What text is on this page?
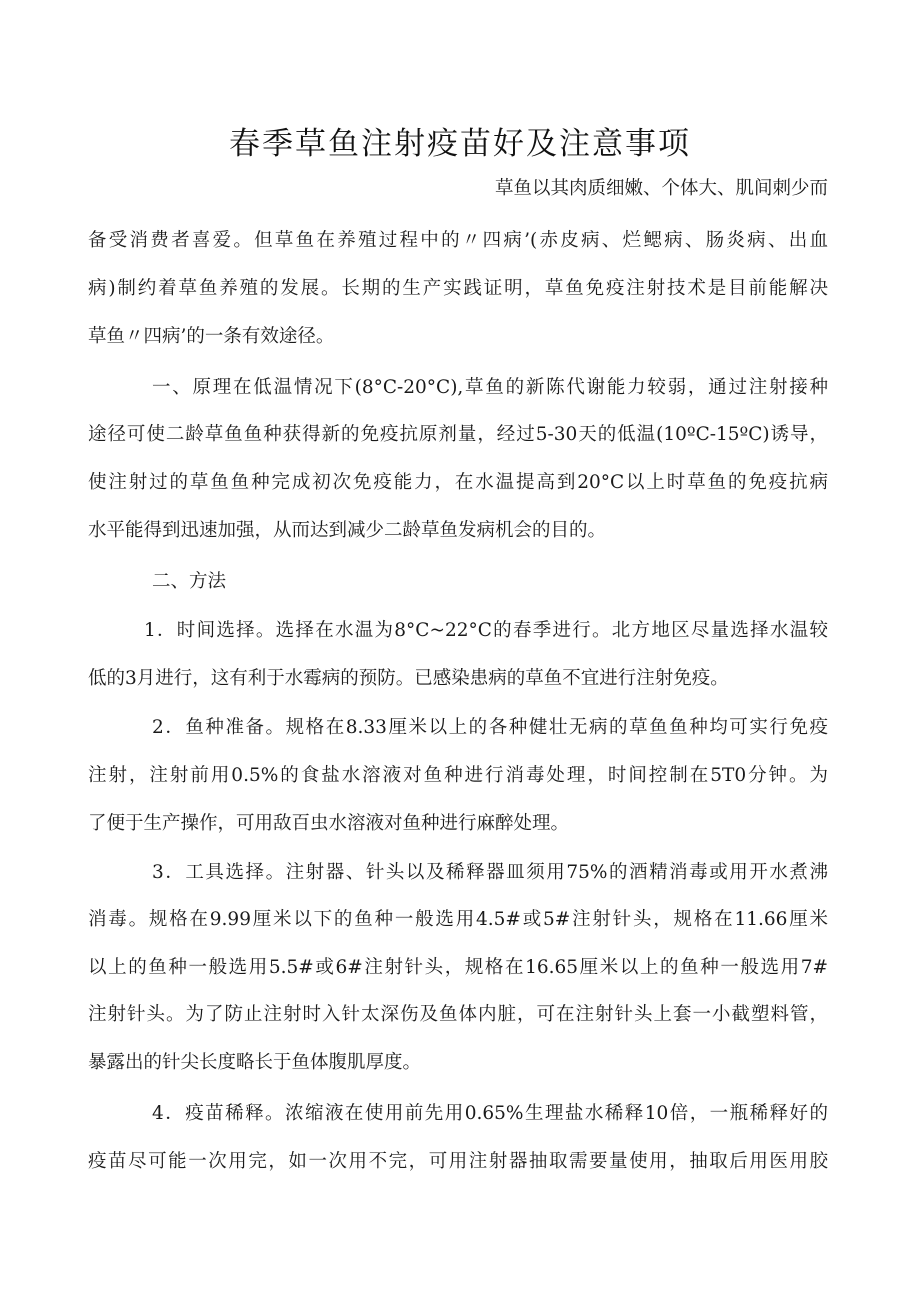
春季草鱼注射疫苗好及注意事项

草鱼以其肉质细嫩、个体大、肌间刺少而

备受消费者喜爱。但草鱼在养殖过程中的〃四病’(赤皮病、烂鳃病、肠炎病、出血

病)制约着草鱼养殖的发展。长期的生产实践证明，草鱼免疫注射技术是目前能解决

草鱼〃四病’的一条有效途径。

一、原理在低温情况下(8°C-20°C),草鱼的新陈代谢能力较弱，通过注射接种

途径可使二龄草鱼鱼种获得新的免疫抗原剂量，经过5-30天的低温(10ºC-15ºC)诱导，

使注射过的草鱼鱼种完成初次免疫能力，在水温提高到20°C以上时草鱼的免疫抗病

水平能得到迅速加强，从而达到减少二龄草鱼发病机会的目的。

二、方法

1．时间选择。选择在水温为8°C~22°C的春季进行。北方地区尽量选择水温较

低的3月进行，这有利于水霉病的预防。已感染患病的草鱼不宜进行注射免疫。

2．鱼种准备。规格在8.33厘米以上的各种健壮无病的草鱼鱼种均可实行免疫

注射，注射前用0.5%的食盐水溶液对鱼种进行消毒处理，时间控制在5T0分钟。为

了便于生产操作，可用敌百虫水溶液对鱼种进行麻醉处理。

3．工具选择。注射器、针头以及稀释器皿须用75%的酒精消毒或用开水煮沸

消毒。规格在9.99厘米以下的鱼种一般选用4.5#或5#注射针头，规格在11.66厘米

以上的鱼种一般选用5.5#或6#注射针头，规格在16.65厘米以上的鱼种一般选用7#

注射针头。为了防止注射时入针太深伤及鱼体内脏，可在注射针头上套一小截塑料管，

暴露出的针尖长度略长于鱼体腹肌厚度。

4．疫苗稀释。浓缩液在使用前先用0.65%生理盐水稀释10倍，一瓶稀释好的

疫苗尽可能一次用完，如一次用不完，可用注射器抽取需要量使用，抽取后用医用胶
